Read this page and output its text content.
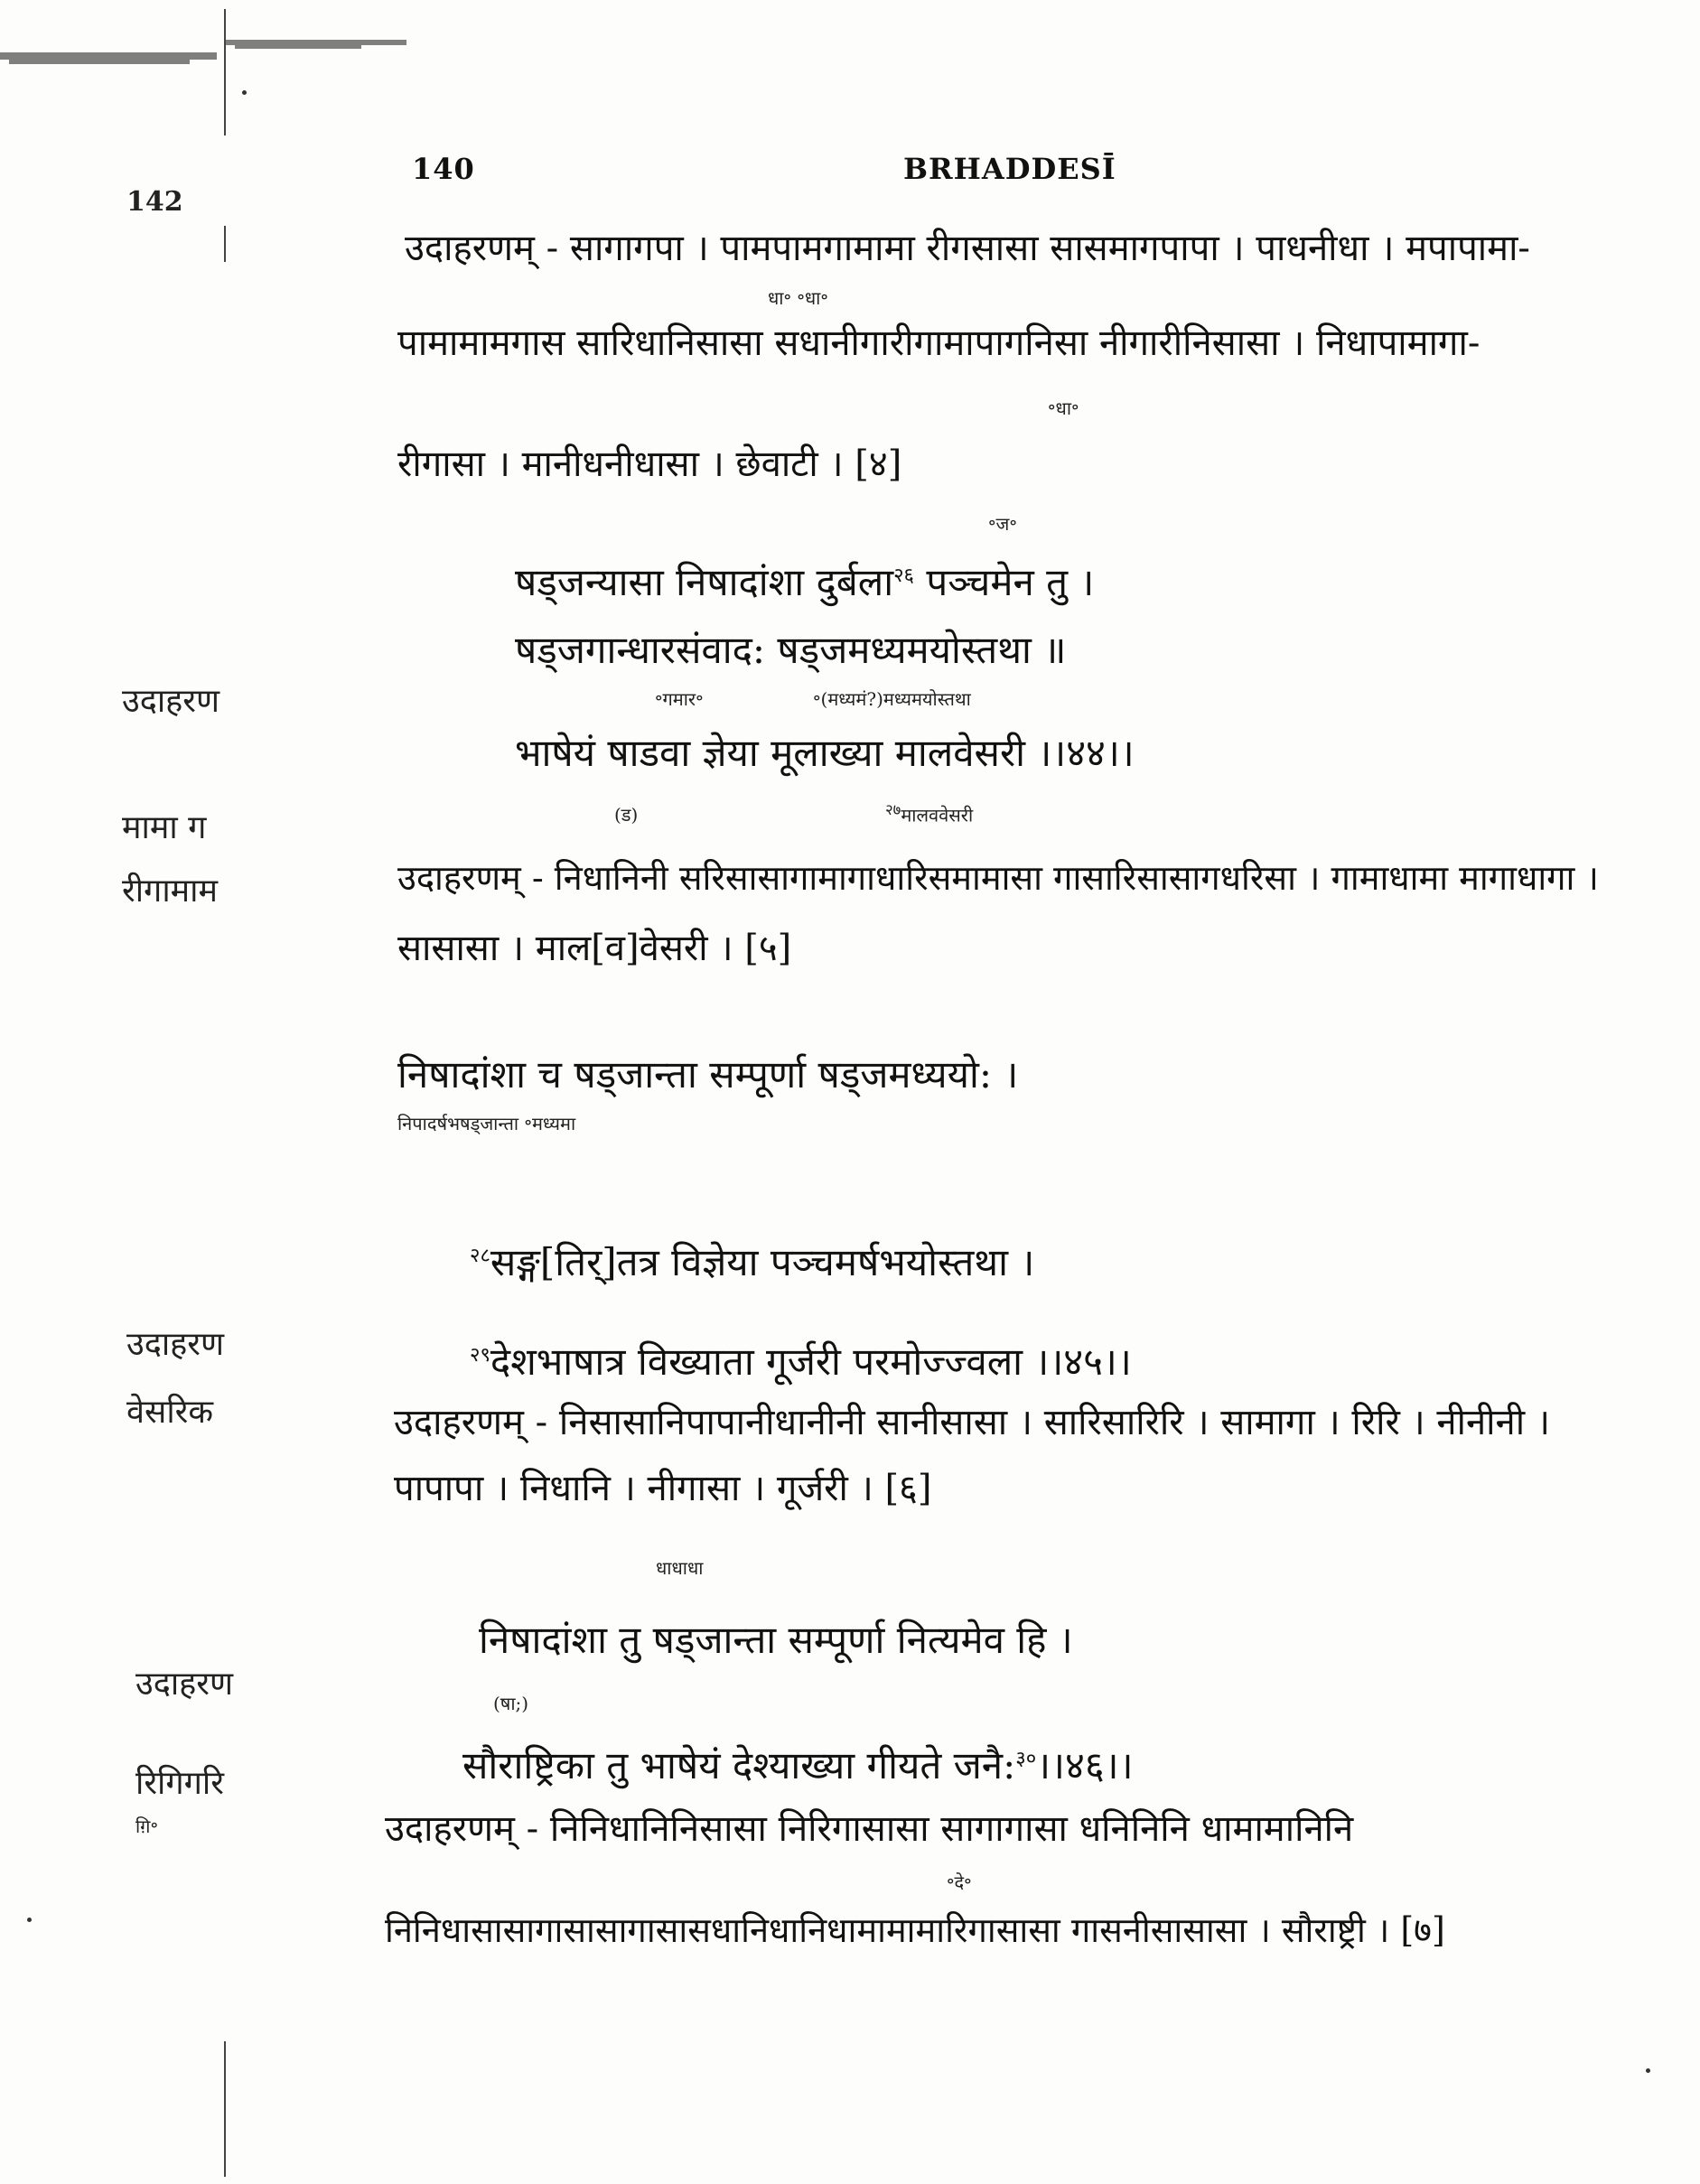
142
उदाहरण
मामा ग
रीगामाम
उदाहरण
वेसरिक
उदाहरण
रिगिगरि
ग़ि॰
140	BRHADDESĪ
उदाहरणम् - सागागपा । पामपामगामामा रीगसासा सासमागपापा । पाधनीधा । मपापामा-
धा॰ ॰धा॰
पामामामगास सारिधानिसासा सधानीगारीगामापागनिसा नीगारीनिसासा । निधापामागा-
॰धा॰
रीगासा । मानीधनीधासा । छेवाटी । [४]
॰ज॰
षड्जन्यासा निषादांशा दुर्बला$^{२६}$ पञ्चमेन तु ।
षड्जगान्धारसंवाद: षड्जमध्यमयोस्तथा ॥
॰गमार॰	॰(मध्यमं?)मध्यमयोस्तथा
भाषेयं षाडवा ज्ञेया मूलाख्या मालवेसरी ।।४४।।
(ड)	$^{२७}$मालववेसरी
उदाहरणम् - निधानिनी सरिसासागामागाधारिसमामासा गासारिसासागधरिसा । गामाधामा मागाधागा ।
सासासा । माल[व]वेसरी । [५]
निषादांशा च षड्जान्ता सम्पूर्णा षड्जमध्ययो: ।
निपादर्षभषड्जान्ता ॰मध्यमा
$^{२८}$सङ्ग[तिर्]तत्र विज्ञेया पञ्चमर्षभयोस्तथा ।
$^{२९}$देशभाषात्र विख्याता गूर्जरी परमोज्ज्वला ।।४५।।
उदाहरणम् - निसासानिपापानीधानीनी सानीसासा । सारिसारिरि । सामागा । रिरि । नीनीनी ।
पापापा । निधानि । नीगासा । गूर्जरी । [६]
धाधाधा
निषादांशा तु षड्जान्ता सम्पूर्णा नित्यमेव हि ।
(षा;)
सौराष्ट्रिका तु भाषेयं देश्याख्या गीयते जनै:$^{३०}$।।४६।।
उदाहरणम् - निनिधानिनिसासा निरिगासासा सागागासा धनिनिनि धामामानिनि
॰दे॰
निनिधासासागासासागासासधानिधानिधामामामारिगासासा गासनीसासासा । सौराष्ट्री । [७]
